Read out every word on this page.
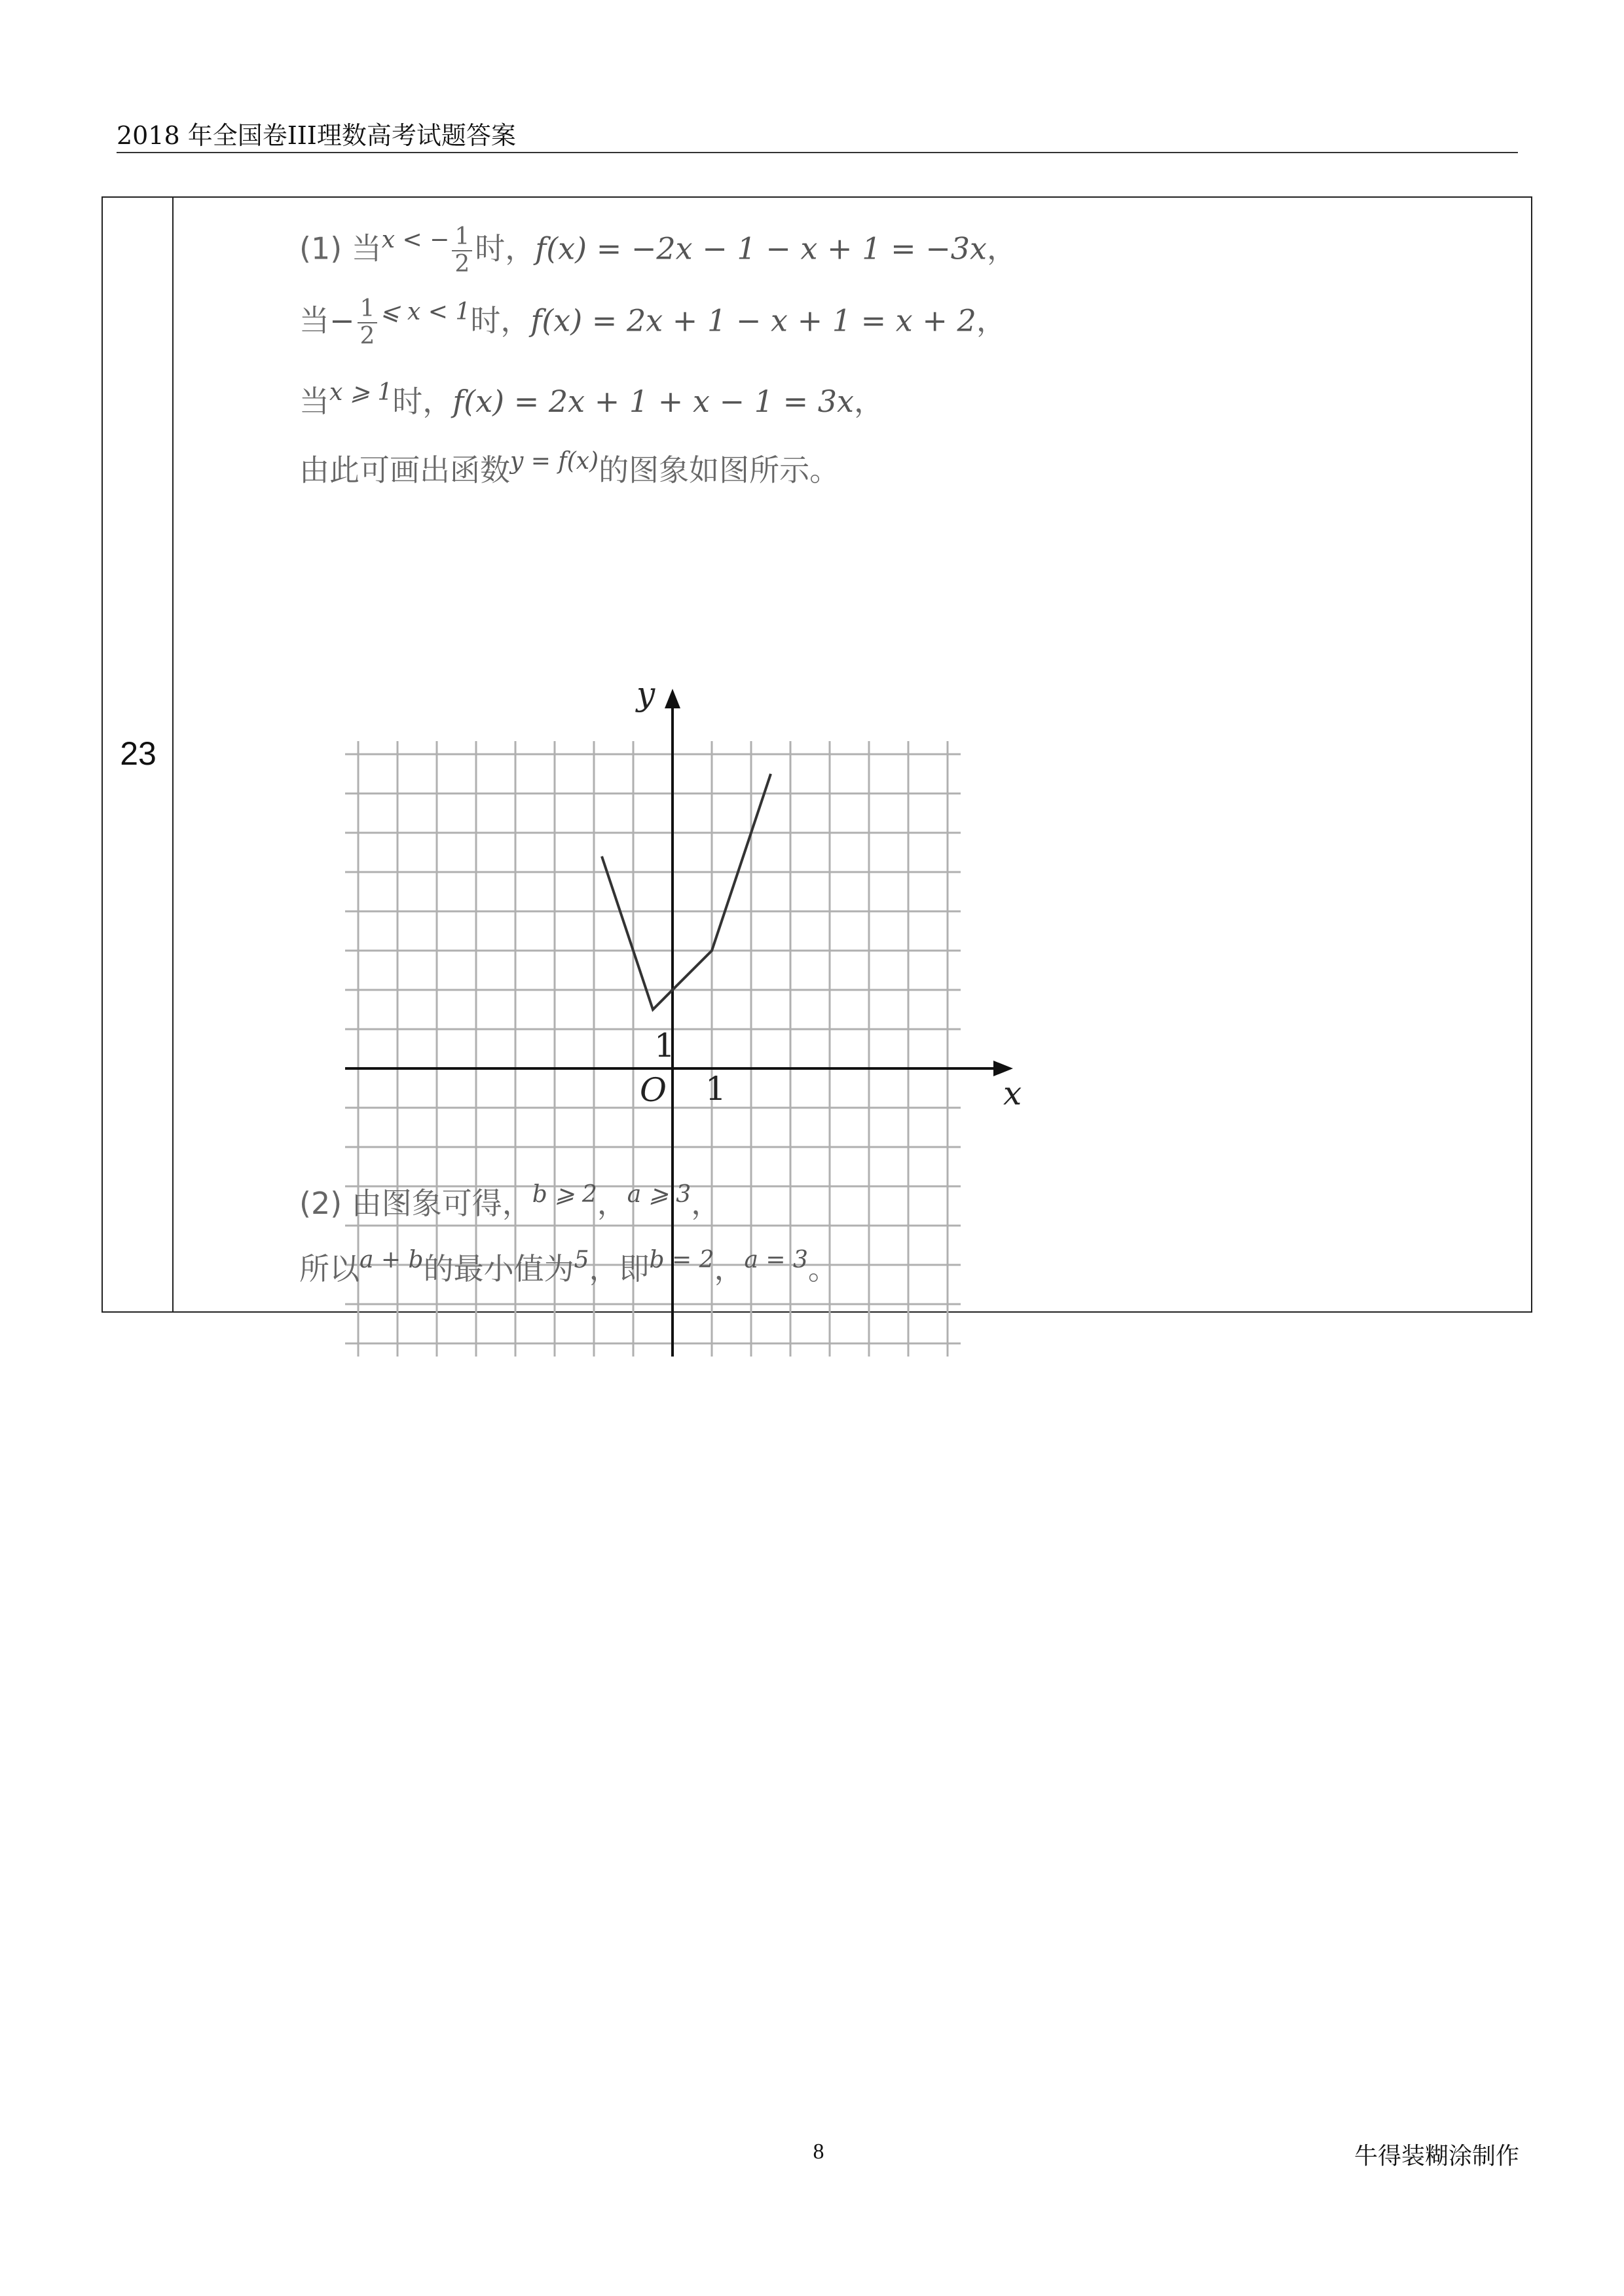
2018 年全国卷III理数高考试题答案
23
(1) 当$^{x < -} \frac{1}{2}$ 时，f(x) = −2x − 1 − x + 1 = −3x，
当− $\frac{1}{2} ^{⩽ x < 1}$时，f(x) = 2x + 1 − x + 1 = x + 2，
当$^{x ⩾ 1}$时，f(x) = 2x + 1 + x − 1 = 3x，
由此可画出函数$^{y = f(x)}$的图象如图所示。
y
x
O 1
1
(2) 由图象可得，$^{b ⩾ 2}$，$^{a ⩾ 3}$，
所以$^{a + b}$的最小值为$^5$，即$^{b = 2}$，$^{a = 3}$。
8	牛得装糊涂制作
